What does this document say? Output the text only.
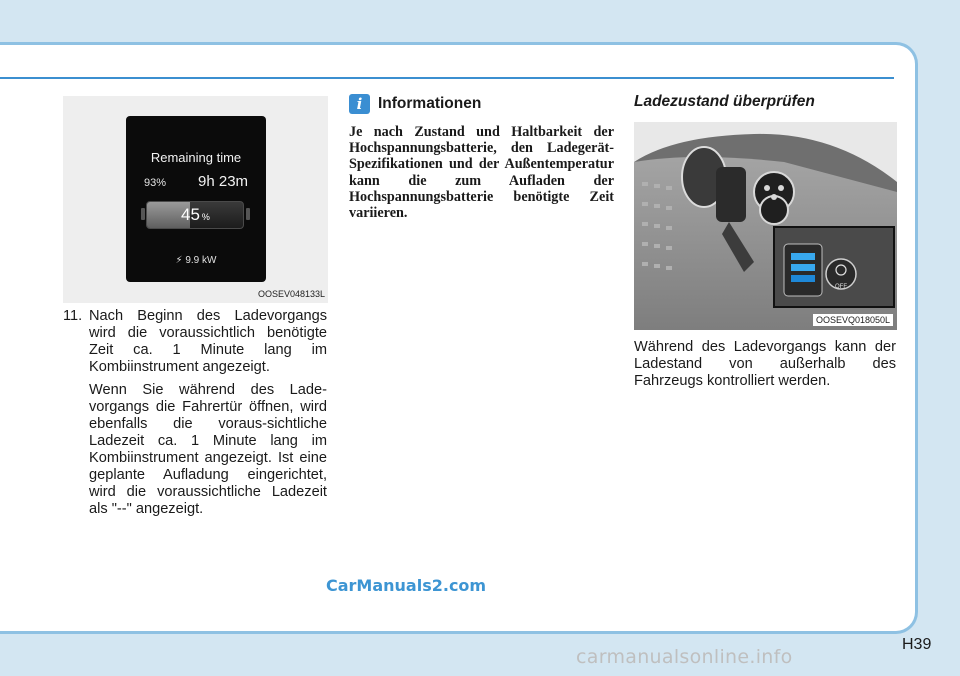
Remaining time
93% 9h 23m
45 %
⚡ 9.9 kW
OOSEV048133L
11. Nach Beginn des Ladevorgangs wird die voraussichtlich benötigte Zeit ca. 1 Minute lang im Kombiinstrument angezeigt.
Wenn Sie während des Lade-vorgangs die Fahrertür öffnen, wird ebenfalls die voraus-sichtliche Ladezeit ca. 1 Minute lang im Kombiinstrument angezeigt. Ist eine geplante Aufladung eingerichtet, wird die voraussichtliche Ladezeit als "--" angezeigt.
i	Informationen
Je nach Zustand und Haltbarkeit der Hochspannungsbatterie, den Ladegerät-Spezifikationen und der Außentemperatur kann die zum Aufladen der Hochspannungsbatterie benötigte Zeit variieren.
Ladezustand überprüfen
OFF
OOSEVQ018050L
Während des Ladevorgangs kann der Ladestand von außerhalb des Fahrzeugs kontrolliert werden.
CarManuals2.com
H39
carmanualsonline.info
